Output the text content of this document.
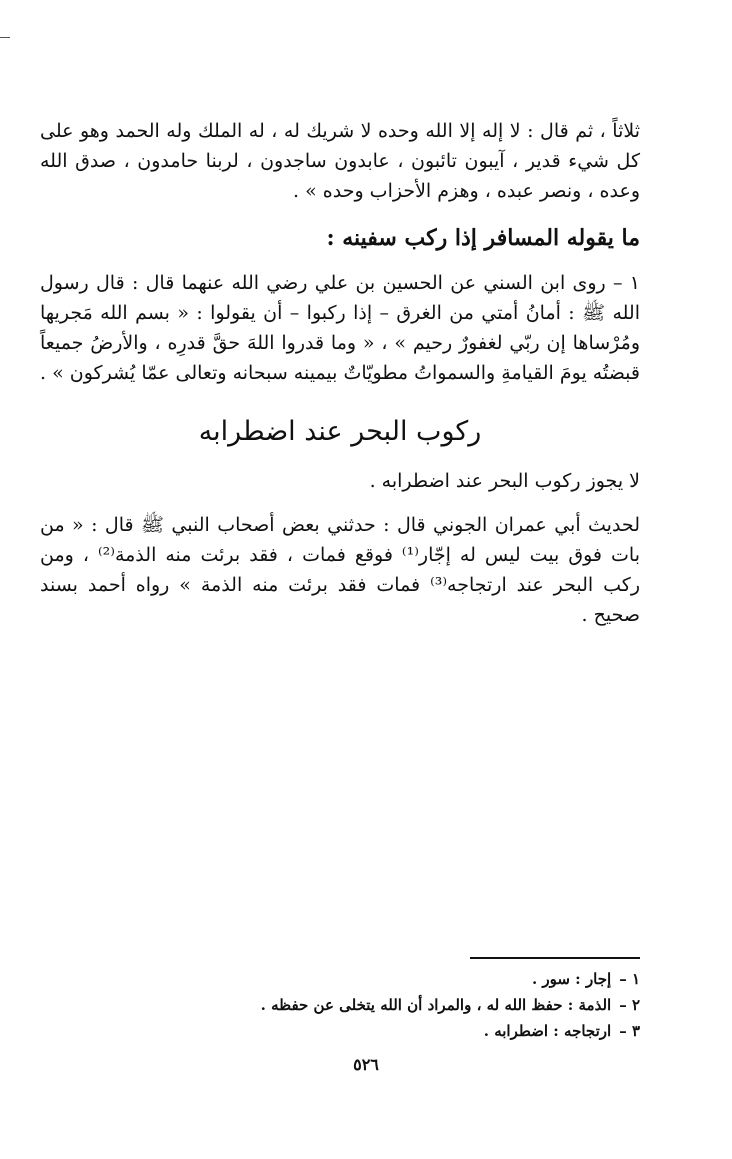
ثلاثاً ، ثم قال : لا إله إلا الله وحده لا شريك له ، له الملك وله الحمد وهو على كل شيء قدير ، آيبون تائبون ، عابدون ساجدون ، لربنا حامدون ، صدق الله وعده ، ونصر عبده ، وهزم الأحزاب وحده » .

ما يقوله المسافر إذا ركب سفينه :

١ – روى ابن السني عن الحسين بن علي رضي الله عنهما قال : قال رسول الله ﷺ : أمانُ أمتي من الغرق – إذا ركبوا – أن يقولوا : « بسم الله مَجريها ومُرْساها إن ربّي لغفورٌ رحيم » ، « وما قدروا اللهَ حقَّ قدرِه ، والأرضُ جميعاً قبضتُه يومَ القيامةِ والسمواتُ مطويّاتٌ بيمينه سبحانه وتعالى عمّا يُشركون » .

ركوب البحر عند اضطرابه

لا يجوز ركوب البحر عند اضطرابه .

لحديث أبي عمران الجوني قال : حدثني بعض أصحاب النبي ﷺ قال : « من بات فوق بيت ليس له إجّار⁽¹⁾ فوقع فمات ، فقد برئت منه الذمة⁽²⁾ ، ومن ركب البحر عند ارتجاجه⁽³⁾ فمات فقد برئت منه الذمة » رواه أحمد بسند صحيح .

١ –إجار : سور .
٢ –الذمة : حفظ الله له ، والمراد أن الله يتخلى عن حفظه .
٣ –ارتجاجه : اضطرابه .
٥٢٦
